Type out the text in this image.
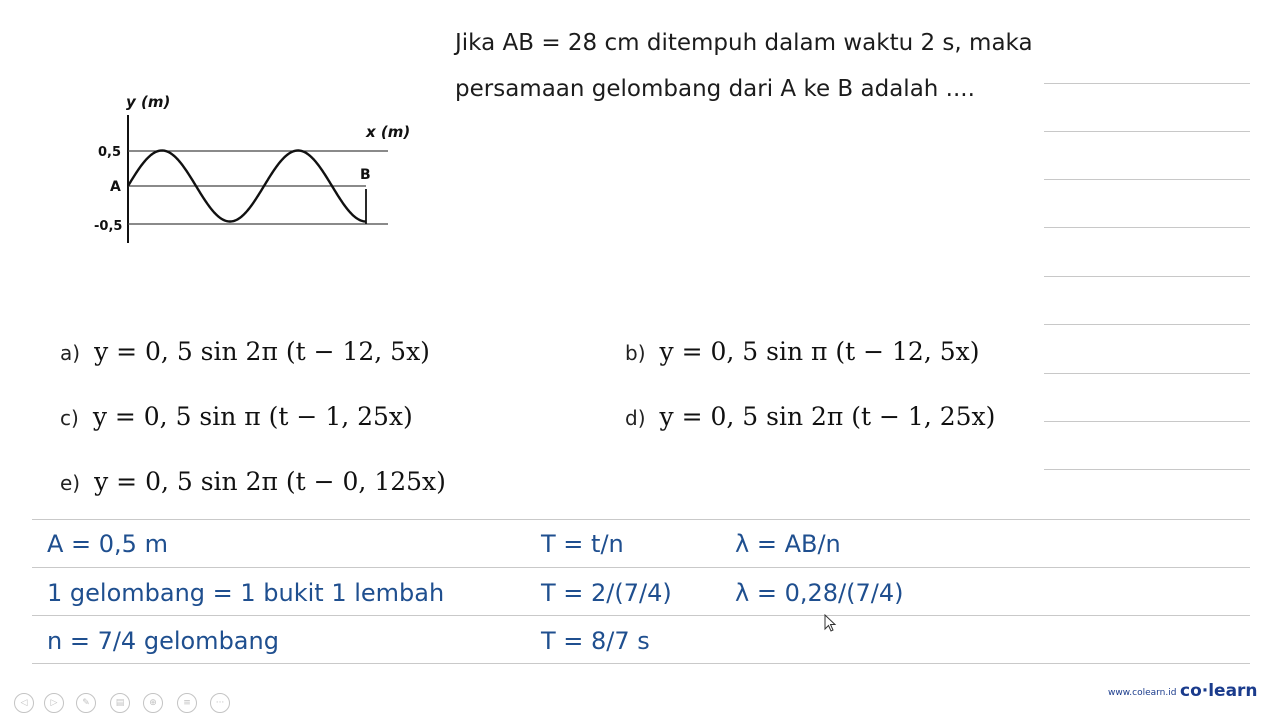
Jika AB = 28 cm ditempuh dalam waktu 2 s, maka
persamaan gelombang dari A ke B adalah ....
y (m)
x (m)
0,5
A
-0,5
B
a) y = 0, 5 sin 2π (t − 12, 5x)	b) y = 0, 5 sin π (t − 12, 5x)
c) y = 0, 5 sin π (t − 1, 25x)	d) y = 0, 5 sin 2π (t − 1, 25x)
e) y = 0, 5 sin 2π (t − 0, 125x)
A = 0,5 m	T = t/n	λ = AB/n
1 gelombang = 1 bukit 1 lembah	T = 2/(7/4)	λ = 0,28/(7/4)
n = 7/4 gelombang	T = 8/7 s
◁	▷	✎	▤	⊕	≡	···
www.colearn.id co·learn
